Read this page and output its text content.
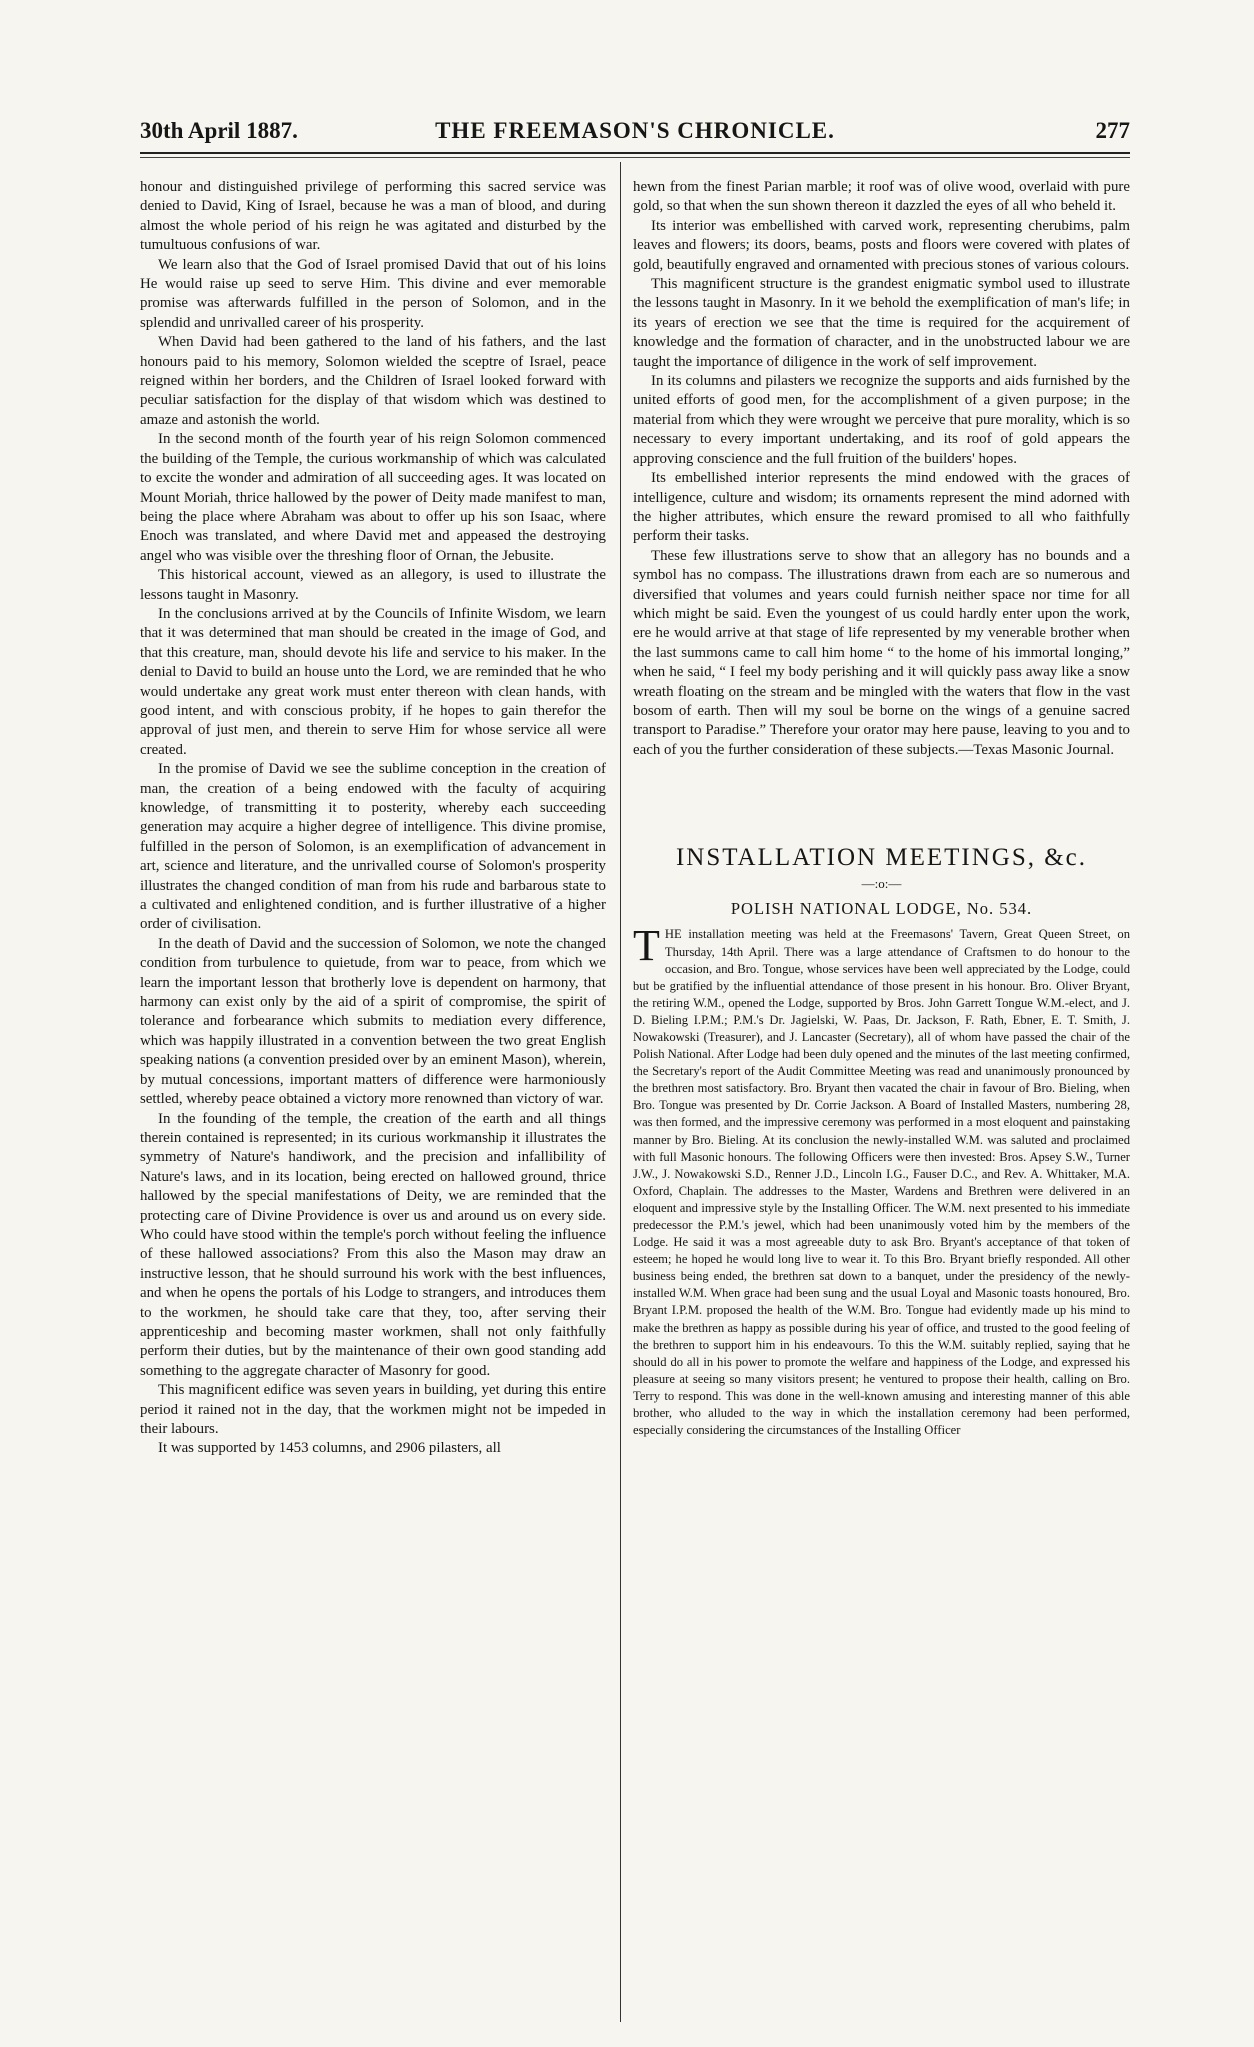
THE FREEMASON'S CHRONICLE.
30th April 1887.	277

honour and distinguished privilege of performing this sacred service was denied to David, King of Israel, because he was a man of blood, and during almost the whole period of his reign he was agitated and disturbed by the tumultuous confusions of war.

We learn also that the God of Israel promised David that out of his loins He would raise up seed to serve Him. This divine and ever memorable promise was afterwards fulfilled in the person of Solomon, and in the splendid and unrivalled career of his prosperity.

When David had been gathered to the land of his fathers, and the last honours paid to his memory, Solomon wielded the sceptre of Israel, peace reigned within her borders, and the Children of Israel looked forward with peculiar satisfaction for the display of that wisdom which was destined to amaze and astonish the world.

In the second month of the fourth year of his reign Solomon commenced the building of the Temple, the curious workmanship of which was calculated to excite the wonder and admiration of all succeeding ages. It was located on Mount Moriah, thrice hallowed by the power of Deity made manifest to man, being the place where Abraham was about to offer up his son Isaac, where Enoch was translated, and where David met and appeased the destroying angel who was visible over the threshing floor of Ornan, the Jebusite.

This historical account, viewed as an allegory, is used to illustrate the lessons taught in Masonry.

In the conclusions arrived at by the Councils of Infinite Wisdom, we learn that it was determined that man should be created in the image of God, and that this creature, man, should devote his life and service to his maker. In the denial to David to build an house unto the Lord, we are reminded that he who would undertake any great work must enter thereon with clean hands, with good intent, and with conscious probity, if he hopes to gain therefor the approval of just men, and therein to serve Him for whose service all were created.

In the promise of David we see the sublime conception in the creation of man, the creation of a being endowed with the faculty of acquiring knowledge, of transmitting it to posterity, whereby each succeeding generation may acquire a higher degree of intelligence. This divine promise, fulfilled in the person of Solomon, is an exemplification of advancement in art, science and literature, and the unrivalled course of Solomon's prosperity illustrates the changed condition of man from his rude and barbarous state to a cultivated and enlightened condition, and is further illustrative of a higher order of civilisation.

In the death of David and the succession of Solomon, we note the changed condition from turbulence to quietude, from war to peace, from which we learn the important lesson that brotherly love is dependent on harmony, that harmony can exist only by the aid of a spirit of compromise, the spirit of tolerance and forbearance which submits to mediation every difference, which was happily illustrated in a convention between the two great English speaking nations (a convention presided over by an eminent Mason), wherein, by mutual concessions, important matters of difference were harmoniously settled, whereby peace obtained a victory more renowned than victory of war.

In the founding of the temple, the creation of the earth and all things therein contained is represented; in its curious workmanship it illustrates the symmetry of Nature's handiwork, and the precision and infallibility of Nature's laws, and in its location, being erected on hallowed ground, thrice hallowed by the special manifestations of Deity, we are reminded that the protecting care of Divine Providence is over us and around us on every side. Who could have stood within the temple's porch without feeling the influence of these hallowed associations? From this also the Mason may draw an instructive lesson, that he should surround his work with the best influences, and when he opens the portals of his Lodge to strangers, and introduces them to the workmen, he should take care that they, too, after serving their apprenticeship and becoming master workmen, shall not only faithfully perform their duties, but by the maintenance of their own good standing add something to the aggregate character of Masonry for good.

This magnificent edifice was seven years in building, yet during this entire period it rained not in the day, that the workmen might not be impeded in their labours.

It was supported by 1453 columns, and 2906 pilasters, all

hewn from the finest Parian marble; it roof was of olive wood, overlaid with pure gold, so that when the sun shown thereon it dazzled the eyes of all who beheld it.

Its interior was embellished with carved work, representing cherubims, palm leaves and flowers; its doors, beams, posts and floors were covered with plates of gold, beautifully engraved and ornamented with precious stones of various colours.

This magnificent structure is the grandest enigmatic symbol used to illustrate the lessons taught in Masonry. In it we behold the exemplification of man's life; in its years of erection we see that the time is required for the acquirement of knowledge and the formation of character, and in the unobstructed labour we are taught the importance of diligence in the work of self improvement.

In its columns and pilasters we recognize the supports and aids furnished by the united efforts of good men, for the accomplishment of a given purpose; in the material from which they were wrought we perceive that pure morality, which is so necessary to every important undertaking, and its roof of gold appears the approving conscience and the full fruition of the builders' hopes.

Its embellished interior represents the mind endowed with the graces of intelligence, culture and wisdom; its ornaments represent the mind adorned with the higher attributes, which ensure the reward promised to all who faithfully perform their tasks.

These few illustrations serve to show that an allegory has no bounds and a symbol has no compass. The illustrations drawn from each are so numerous and diversified that volumes and years could furnish neither space nor time for all which might be said. Even the youngest of us could hardly enter upon the work, ere he would arrive at that stage of life represented by my venerable brother when the last summons came to call him home “ to the home of his immortal longing,” when he said, “ I feel my body perishing and it will quickly pass away like a snow wreath floating on the stream and be mingled with the waters that flow in the vast bosom of earth. Then will my soul be borne on the wings of a genuine sacred transport to Paradise.” Therefore your orator may here pause, leaving to you and to each of you the further consideration of these subjects.—Texas Masonic Journal.

INSTALLATION MEETINGS, &c.
—:o:—
POLISH NATIONAL LODGE, No. 534.

THE installation meeting was held at the Freemasons' Tavern, Great Queen Street, on Thursday, 14th April. There was a large attendance of Craftsmen to do honour to the occasion, and Bro. Tongue, whose services have been well appreciated by the Lodge, could but be gratified by the influential attendance of those present in his honour. Bro. Oliver Bryant, the retiring W.M., opened the Lodge, supported by Bros. John Garrett Tongue W.M.-elect, and J. D. Bieling I.P.M.; P.M.'s Dr. Jagielski, W. Paas, Dr. Jackson, F. Rath, Ebner, E. T. Smith, J. Nowakowski (Treasurer), and J. Lancaster (Secretary), all of whom have passed the chair of the Polish National. After Lodge had been duly opened and the minutes of the last meeting confirmed, the Secretary's report of the Audit Committee Meeting was read and unanimously pronounced by the brethren most satisfactory. Bro. Bryant then vacated the chair in favour of Bro. Bieling, when Bro. Tongue was presented by Dr. Corrie Jackson. A Board of Installed Masters, numbering 28, was then formed, and the impressive ceremony was performed in a most eloquent and painstaking manner by Bro. Bieling. At its conclusion the newly-installed W.M. was saluted and proclaimed with full Masonic honours. The following Officers were then invested: Bros. Apsey S.W., Turner J.W., J. Nowakowski S.D., Renner J.D., Lincoln I.G., Fauser D.C., and Rev. A. Whittaker, M.A. Oxford, Chaplain. The addresses to the Master, Wardens and Brethren were delivered in an eloquent and impressive style by the Installing Officer. The W.M. next presented to his immediate predecessor the P.M.'s jewel, which had been unanimously voted him by the members of the Lodge. He said it was a most agreeable duty to ask Bro. Bryant's acceptance of that token of esteem; he hoped he would long live to wear it. To this Bro. Bryant briefly responded. All other business being ended, the brethren sat down to a banquet, under the presidency of the newly-installed W.M. When grace had been sung and the usual Loyal and Masonic toasts honoured, Bro. Bryant I.P.M. proposed the health of the W.M. Bro. Tongue had evidently made up his mind to make the brethren as happy as possible during his year of office, and trusted to the good feeling of the brethren to support him in his endeavours. To this the W.M. suitably replied, saying that he should do all in his power to promote the welfare and happiness of the Lodge, and expressed his pleasure at seeing so many visitors present; he ventured to propose their health, calling on Bro. Terry to respond. This was done in the well-known amusing and interesting manner of this able brother, who alluded to the way in which the installation ceremony had been performed, especially considering the circumstances of the Installing Officer
